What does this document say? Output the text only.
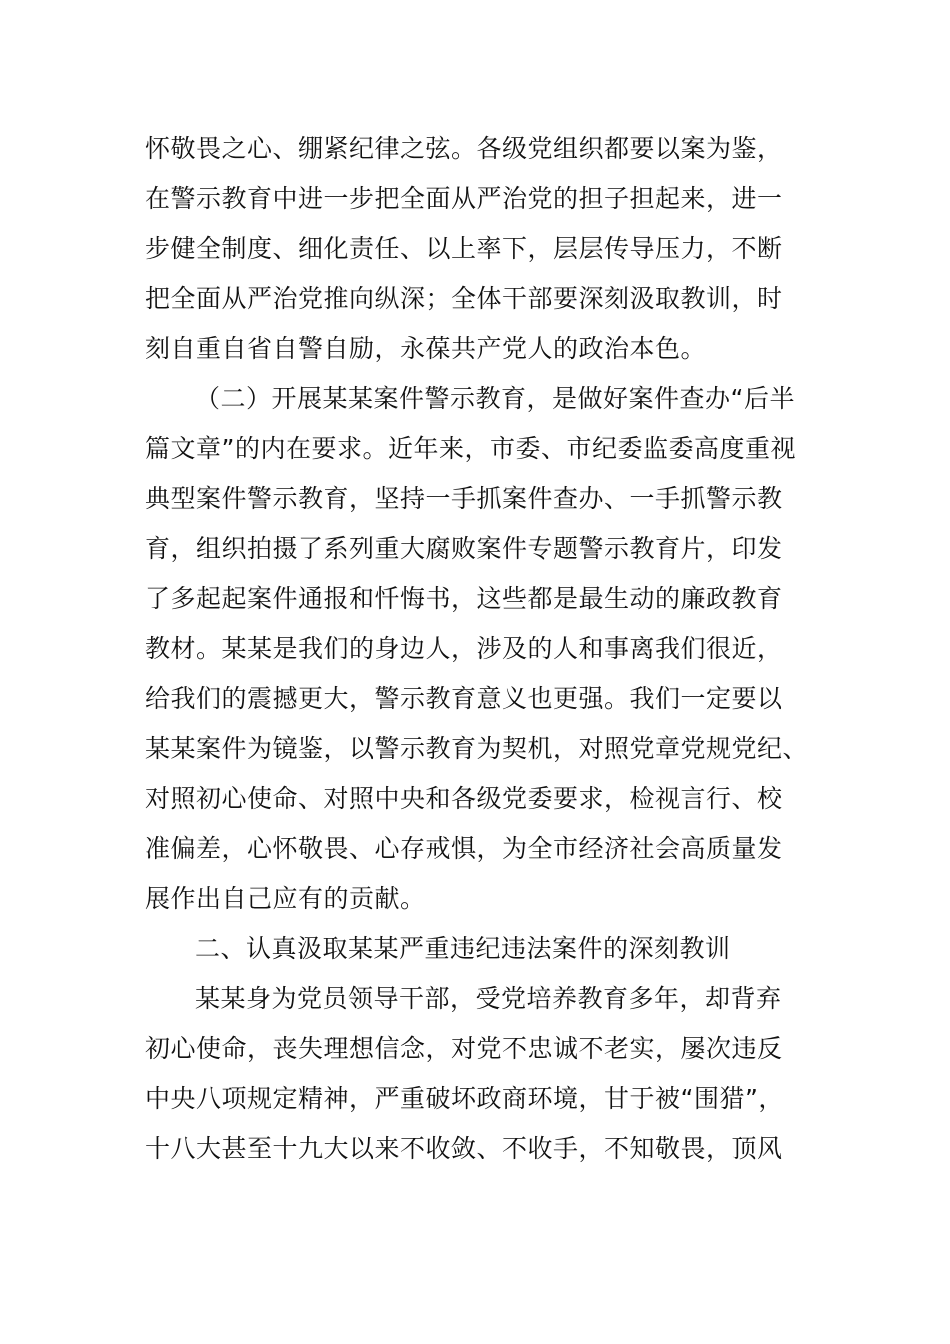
怀敬畏之心、绷紧纪律之弦。各级党组织都要以案为鉴，
在警示教育中进一步把全面从严治党的担子担起来，进一
步健全制度、细化责任、以上率下，层层传导压力，不断
把全面从严治党推向纵深；全体干部要深刻汲取教训，时
刻自重自省自警自励，永葆共产党人的政治本色。
（二）开展某某案件警示教育，是做好案件查办“后半
篇文章”的内在要求。近年来，市委、市纪委监委高度重视
典型案件警示教育，坚持一手抓案件查办、一手抓警示教
育，组织拍摄了系列重大腐败案件专题警示教育片，印发
了多起起案件通报和忏悔书，这些都是最生动的廉政教育
教材。某某是我们的身边人，涉及的人和事离我们很近，
给我们的震撼更大，警示教育意义也更强。我们一定要以
某某案件为镜鉴，以警示教育为契机，对照党章党规党纪、
对照初心使命、对照中央和各级党委要求，检视言行、校
准偏差，心怀敬畏、心存戒惧，为全市经济社会高质量发
展作出自己应有的贡献。
二、认真汲取某某严重违纪违法案件的深刻教训
某某身为党员领导干部，受党培养教育多年，却背弃
初心使命，丧失理想信念，对党不忠诚不老实，屡次违反
中央八项规定精神，严重破坏政商环境，甘于被“围猎”，
十八大甚至十九大以来不收敛、不收手，不知敬畏，顶风
